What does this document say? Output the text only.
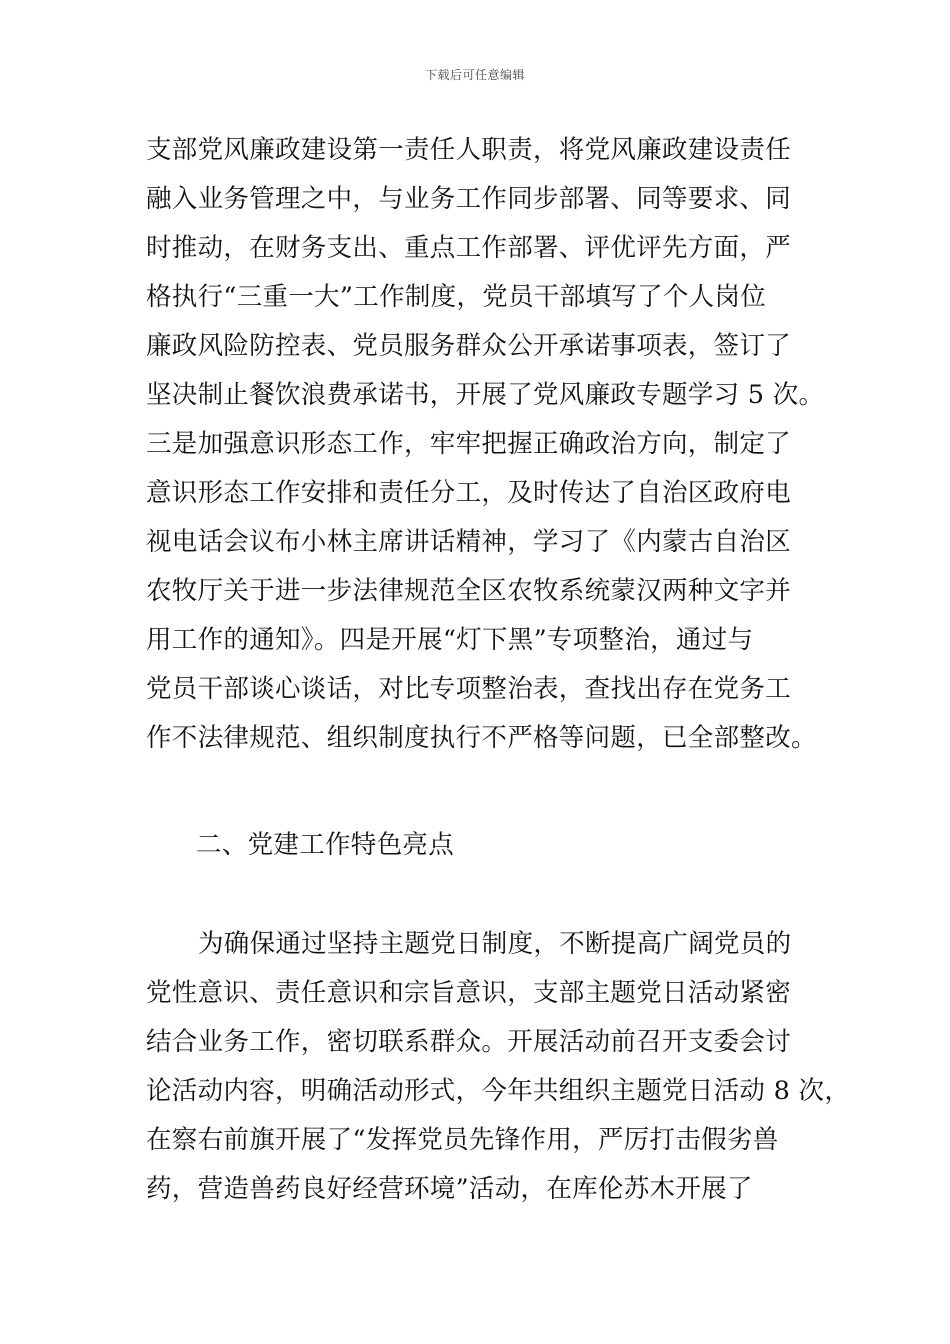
下载后可任意编辑
支部党风廉政建设第一责任人职责，将党风廉政建设责任
融入业务管理之中，与业务工作同步部署、同等要求、同
时推动，在财务支出、重点工作部署、评优评先方面，严
格执行“三重一大”工作制度，党员干部填写了个人岗位
廉政风险防控表、党员服务群众公开承诺事项表，签订了
坚决制止餐饮浪费承诺书，开展了党风廉政专题学习 5 次。
三是加强意识形态工作，牢牢把握正确政治方向，制定了
意识形态工作安排和责任分工，及时传达了自治区政府电
视电话会议布小林主席讲话精神，学习了《内蒙古自治区
农牧厅关于进一步法律规范全区农牧系统蒙汉两种文字并
用工作的通知》。四是开展“灯下黑”专项整治，通过与
党员干部谈心谈话，对比专项整治表，查找出存在党务工
作不法律规范、组织制度执行不严格等问题，已全部整改。
二、党建工作特色亮点
为确保通过坚持主题党日制度，不断提高广阔党员的
党性意识、责任意识和宗旨意识，支部主题党日活动紧密
结合业务工作，密切联系群众。开展活动前召开支委会讨
论活动内容，明确活动形式，今年共组织主题党日活动 8 次，
在察右前旗开展了“发挥党员先锋作用，严厉打击假劣兽
药，营造兽药良好经营环境”活动，在库伦苏木开展了
